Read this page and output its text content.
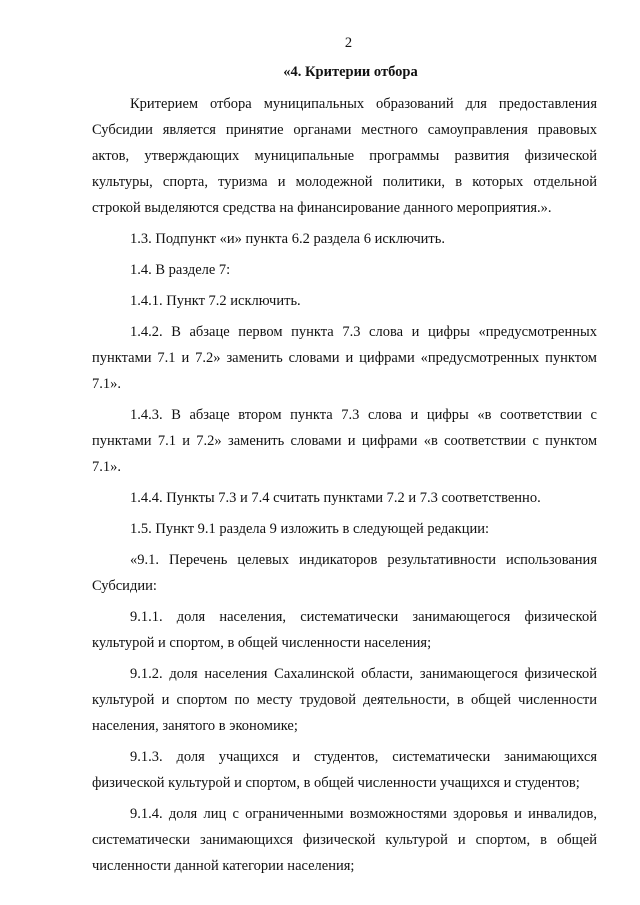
2
«4. Критерии отбора

Критерием отбора муниципальных образований для предоставления Субсидии является принятие органами местного самоуправления правовых актов, утверждающих муниципальные программы развития физической культуры, спорта, туризма и молодежной политики, в которых отдельной строкой выделяются средства на финансирование данного мероприятия.».

1.3. Подпункт «и» пункта 6.2 раздела 6 исключить.

1.4. В разделе 7:

1.4.1. Пункт 7.2 исключить.

1.4.2. В абзаце первом пункта 7.3 слова и цифры «предусмотренных пунктами 7.1 и 7.2» заменить словами и цифрами «предусмотренных пунктом 7.1».

1.4.3. В абзаце втором пункта 7.3 слова и цифры «в соответствии с пунктами 7.1 и 7.2» заменить словами и цифрами «в соответствии с пунктом 7.1».

1.4.4. Пункты 7.3 и 7.4 считать пунктами 7.2 и 7.3 соответственно.

1.5. Пункт 9.1 раздела 9 изложить в следующей редакции:

«9.1. Перечень целевых индикаторов результативности использования Субсидии:

9.1.1. доля населения, систематически занимающегося физической культурой и спортом, в общей численности населения;

9.1.2. доля населения Сахалинской области, занимающегося физической культурой и спортом по месту трудовой деятельности, в общей численности населения, занятого в экономике;

9.1.3. доля учащихся и студентов, систематически занимающихся физической культурой и спортом, в общей численности учащихся и студентов;

9.1.4. доля лиц с ограниченными возможностями здоровья и инвалидов, систематически занимающихся физической культурой и спортом, в общей численности данной категории населения;
